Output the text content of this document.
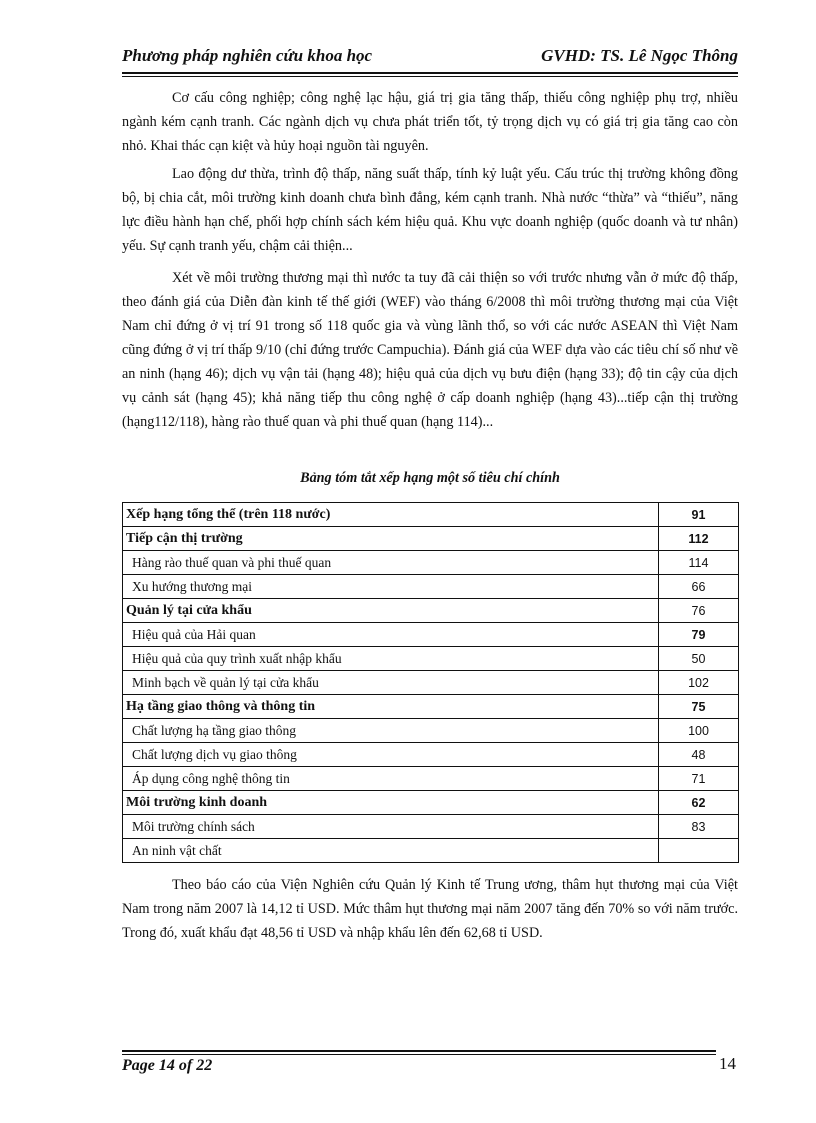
Phương pháp nghiên cứu khoa học	GVHD: TS. Lê Ngọc Thông

Cơ cấu công nghiệp; công nghệ lạc hậu, giá trị gia tăng thấp, thiếu công nghiệp phụ trợ, nhiều ngành kém cạnh tranh. Các ngành dịch vụ chưa phát triển tốt, tỷ trọng dịch vụ có giá trị gia tăng cao còn nhỏ. Khai thác cạn kiệt và hủy hoại nguồn tài nguyên.

Lao động dư thừa, trình độ thấp, năng suất thấp, tính kỷ luật yếu. Cấu trúc thị trường không đồng bộ, bị chia cắt, môi trường kinh doanh chưa bình đẳng, kém cạnh tranh. Nhà nước “thừa” và “thiếu”, năng lực điều hành hạn chế, phối hợp chính sách kém hiệu quả. Khu vực doanh nghiệp (quốc doanh và tư nhân) yếu. Sự cạnh tranh yếu, chậm cải thiện...

Xét về môi trường thương mại thì nước ta tuy đã cải thiện so với trước nhưng vẫn ở mức độ thấp, theo đánh giá của Diễn đàn kinh tế thế giới (WEF) vào tháng 6/2008 thì môi trường thương mại của Việt Nam chỉ đứng ở vị trí 91 trong số 118 quốc gia và vùng lãnh thổ, so với các nước ASEAN thì Việt Nam cũng đứng ở vị trí thấp 9/10 (chỉ đứng trước Campuchia). Đánh giá của WEF dựa vào các tiêu chí số như về an ninh (hạng 46); dịch vụ vận tải (hạng 48); hiệu quả của dịch vụ bưu điện (hạng 33); độ tin cậy của dịch vụ cảnh sát (hạng 45); khả năng tiếp thu công nghệ ở cấp doanh nghiệp (hạng 43)...tiếp cận thị trường (hạng112/118), hàng rào thuế quan và phi thuế quan (hạng 114)...

Bảng tóm tắt xếp hạng một số tiêu chí chính
Xếp hạng tổng thể (trên 118 nước)	91
Tiếp cận thị trường	112
Hàng rào thuế quan và phi thuế quan	114
Xu hướng thương mại	66
Quản lý tại cửa khẩu	76
Hiệu quả của Hải quan	79
Hiệu quả của quy trình xuất nhập khẩu	50
Minh bạch về quản lý tại cửa khẩu	102
Hạ tầng giao thông và thông tin	75
Chất lượng hạ tầng giao thông	100
Chất lượng dịch vụ giao thông	48
Áp dụng công nghệ thông tin	71
Môi trường kinh doanh	62
Môi trường chính sách	83
An ninh vật chất	

Theo báo cáo của Viện Nghiên cứu Quản lý Kinh tế Trung ương, thâm hụt thương mại của Việt Nam trong năm 2007 là 14,12 tỉ USD. Mức thâm hụt thương mại năm 2007 tăng đến 70% so với năm trước. Trong đó, xuất khẩu đạt 48,56 tỉ USD và nhập khẩu lên đến 62,68 tỉ USD.

Page 14 of 22	14
